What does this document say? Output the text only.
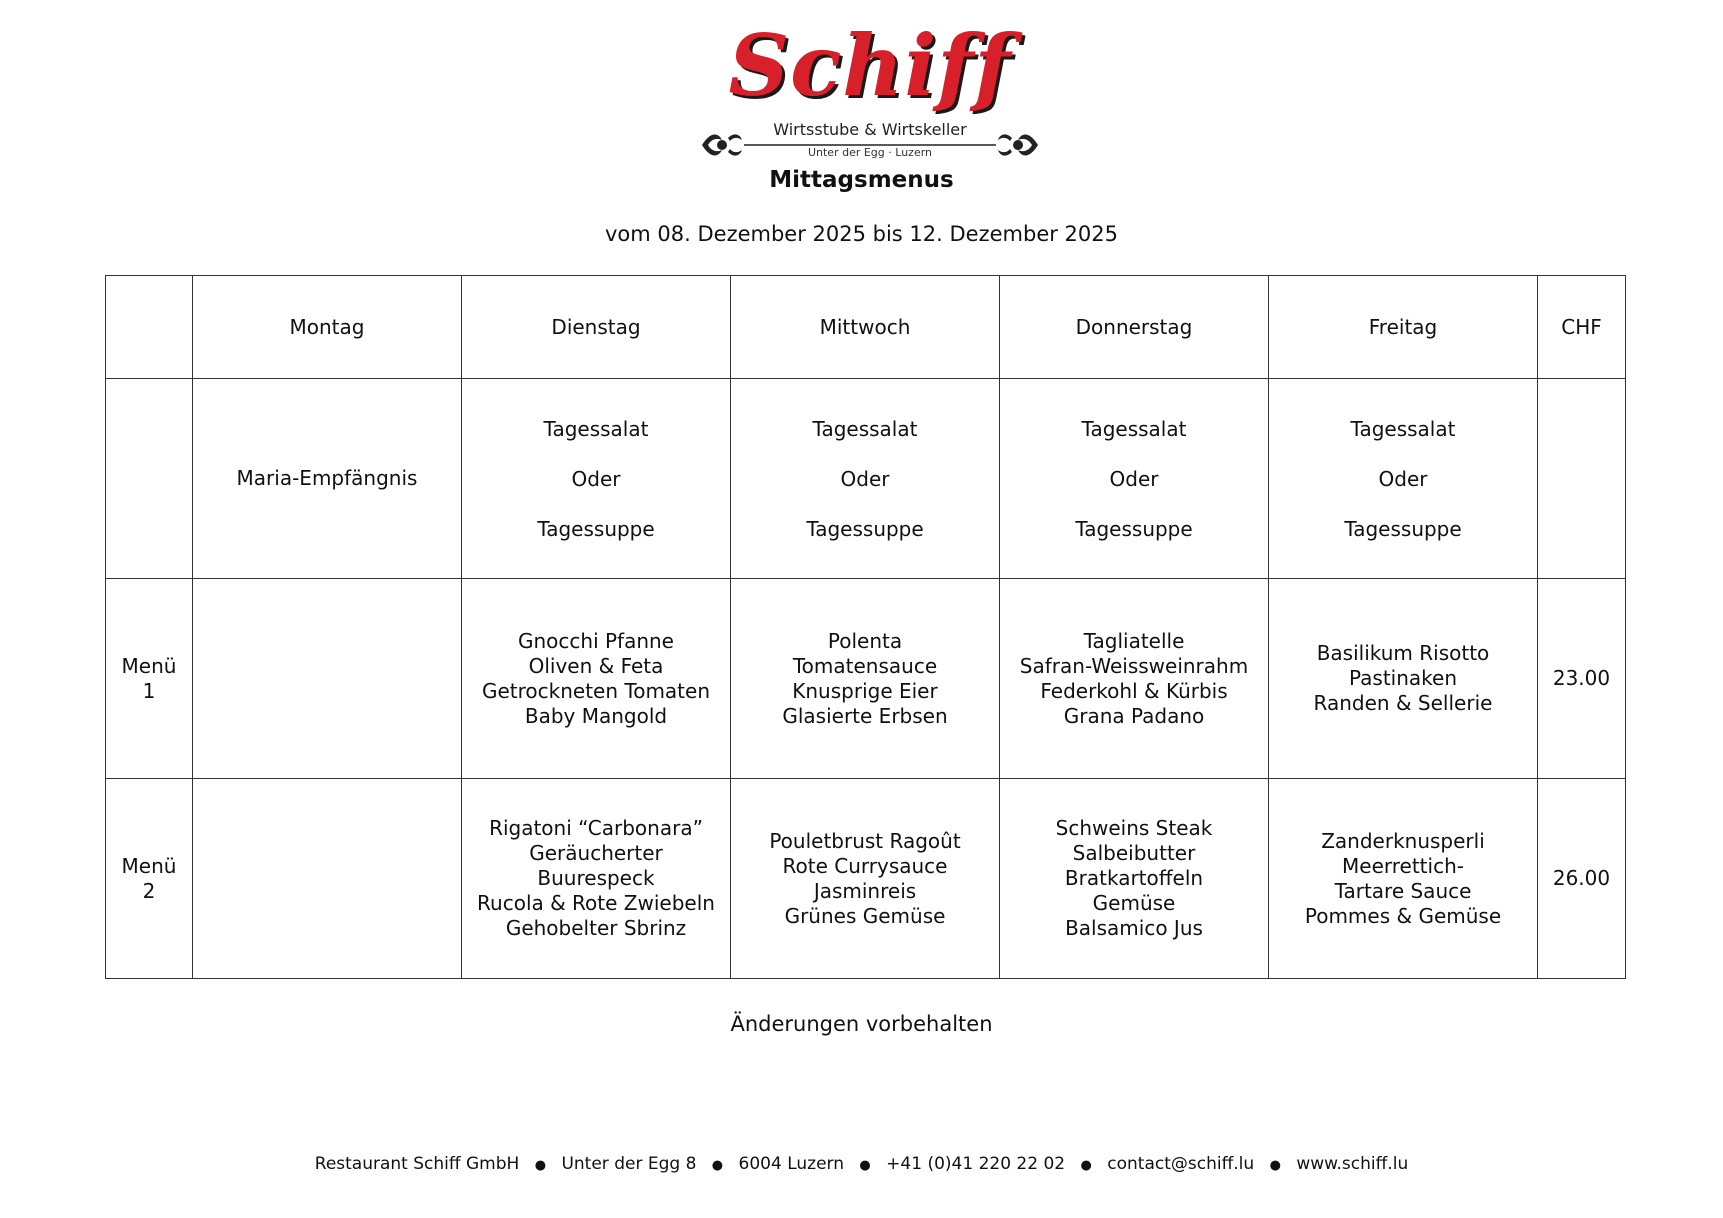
Schiff
Wirtsstube & Wirtskeller
Unter der Egg · Luzern
Mittagsmenus
vom 08. Dezember 2025 bis 12. Dezember 2025
	Montag	Dienstag	Mittwoch	Donnerstag	Freitag	CHF
	Maria-Empfängnis	Tagessalat
Oder
Tagessuppe	Tagessalat
Oder
Tagessuppe	Tagessalat
Oder
Tagessuppe	Tagessalat
Oder
Tagessuppe	

Menü
1		Gnocchi Pfanne
Oliven & Feta
Getrockneten Tomaten
Baby Mangold	Polenta
Tomatensauce
Knusprige Eier
Glasierte Erbsen	Tagliatelle
Safran-Weissweinrahm
Federkohl & Kürbis
Grana Padano	Basilikum Risotto
Pastinaken
Randen & Sellerie	23.00

Menü
2		Rigatoni “Carbonara”
Geräucherter
Buurespeck
Rucola & Rote Zwiebeln
Gehobelter Sbrinz	Pouletbrust Ragoût
Rote Currysauce
Jasminreis
Grünes Gemüse	Schweins Steak
Salbeibutter
Bratkartoffeln
Gemüse
Balsamico Jus	Zanderknusperli
Meerrettich-
Tartare Sauce
Pommes & Gemüse	26.00
Änderungen vorbehalten
Restaurant Schiff GmbH ● Unter der Egg 8 ● 6004 Luzern ● +41 (0)41 220 22 02 ● contact@schiff.lu ● www.schiff.lu
